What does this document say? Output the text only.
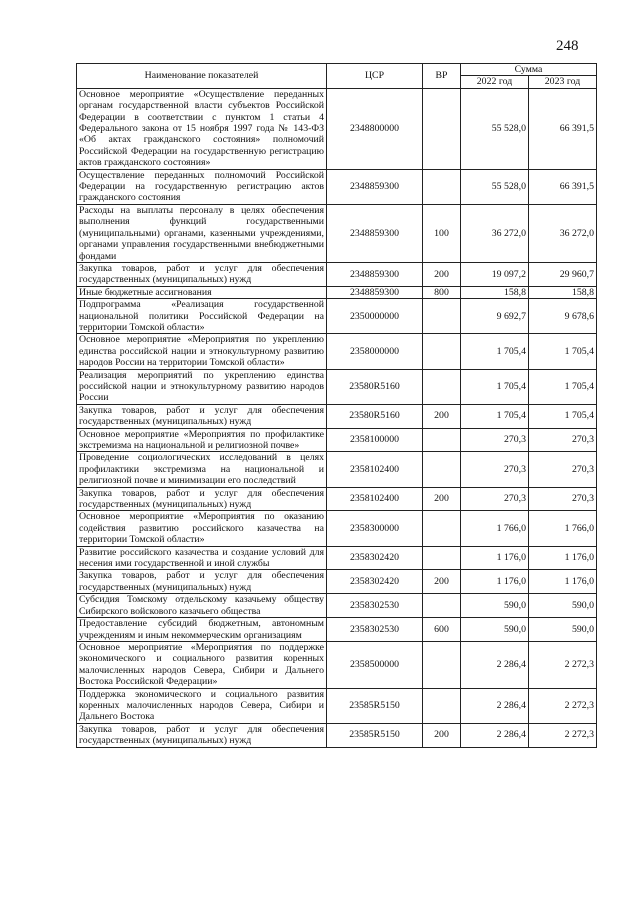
248
Наименование показателей	ЦСР	ВР	Сумма	
			2022 год	2023 год
Основное мероприятие «Осуществление переданных органам государственной власти субъектов Российской Федерации в соответствии с пунктом 1 статьи 4 Федерального закона от 15 ноября 1997 года № 143-ФЗ «Об актах гражданского состояния» полномочий Российской Федерации на государственную регистрацию актов гражданского состояния»	2348800000		55 528,0	66 391,5
Осуществление переданных полномочий Российской Федерации на государственную регистрацию актов гражданского состояния	2348859300		55 528,0	66 391,5
Расходы на выплаты персоналу в целях обеспечения выполнения функций государственными (муниципальными) органами, казенными учреждениями, органами управления государственными внебюджетными фондами	2348859300	100	36 272,0	36 272,0
Закупка товаров, работ и услуг для обеспечения государственных (муниципальных) нужд	2348859300	200	19 097,2	29 960,7
Иные бюджетные ассигнования	2348859300	800	158,8	158,8
Подпрограмма «Реализация государственной национальной политики Российской Федерации на территории Томской области»	2350000000		9 692,7	9 678,6
Основное мероприятие «Мероприятия по укреплению единства российской нации и этнокультурному развитию народов России на территории Томской области»	2358000000		1 705,4	1 705,4
Реализация мероприятий по укреплению единства российской нации и этнокультурному развитию народов России	23580R5160		1 705,4	1 705,4
Закупка товаров, работ и услуг для обеспечения государственных (муниципальных) нужд	23580R5160	200	1 705,4	1 705,4
Основное мероприятие «Мероприятия по профилактике экстремизма на национальной и религиозной почве»	2358100000		270,3	270,3
Проведение социологических исследований в целях профилактики экстремизма на национальной и религиозной почве и минимизации его последствий	2358102400		270,3	270,3
Закупка товаров, работ и услуг для обеспечения государственных (муниципальных) нужд	2358102400	200	270,3	270,3
Основное мероприятие «Мероприятия по оказанию содействия развитию российского казачества на территории Томской области»	2358300000		1 766,0	1 766,0
Развитие российского казачества и создание условий для несения ими государственной и иной службы	2358302420		1 176,0	1 176,0
Закупка товаров, работ и услуг для обеспечения государственных (муниципальных) нужд	2358302420	200	1 176,0	1 176,0
Субсидия Томскому отдельскому казачьему обществу Сибирского войскового казачьего общества	2358302530		590,0	590,0
Предоставление субсидий бюджетным, автономным учреждениям и иным некоммерческим организациям	2358302530	600	590,0	590,0
Основное мероприятие «Мероприятия по поддержке экономического и социального развития коренных малочисленных народов Севера, Сибири и Дальнего Востока Российской Федерации»	2358500000		2 286,4	2 272,3
Поддержка экономического и социального развития коренных малочисленных народов Севера, Сибири и Дальнего Востока	23585R5150		2 286,4	2 272,3
Закупка товаров, работ и услуг для обеспечения государственных (муниципальных) нужд	23585R5150	200	2 286,4	2 272,3
